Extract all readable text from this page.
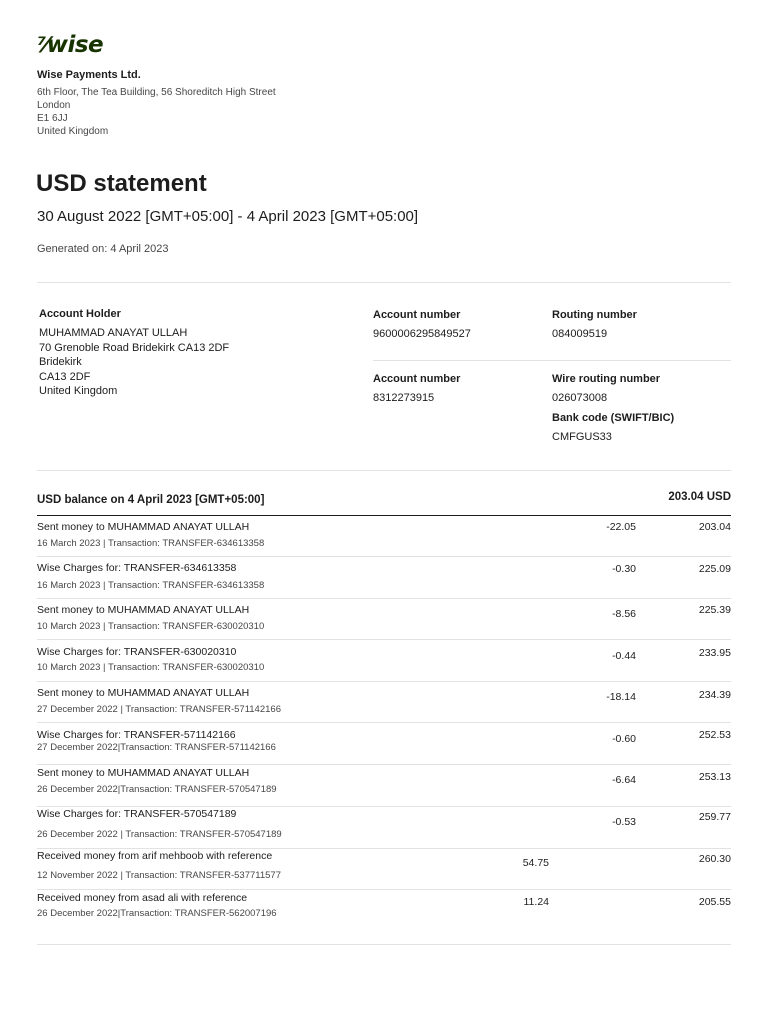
⁷⁄ wise
Wise Payments Ltd.
6th Floor, The Tea Building, 56 Shoreditch High Street
London
E1 6JJ
United Kingdom
USD statement
30 August 2022 [GMT+05:00] - 4 April 2023 [GMT+05:00]
Generated on: 4 April 2023
Account Holder
MUHAMMAD ANAYAT ULLAH
70 Grenoble Road Bridekirk CA13 2DF
Bridekirk
CA13 2DF
United Kingdom
Account number
9600006295849527
Routing number
084009519
Account number
8312273915
Wire routing number
026073008
Bank code (SWIFT/BIC)
CMFGUS33
USD balance on 4 April 2023 [GMT+05:00]	203.04 USD
Sent money to MUHAMMAD ANAYAT ULLAH
16 March 2023 | Transaction: TRANSFER-634613358
-22.05	203.04
Wise Charges for: TRANSFER-634613358
16 March 2023 | Transaction: TRANSFER-634613358
-0.30	225.09
Sent money to MUHAMMAD ANAYAT ULLAH
10 March 2023 | Transaction: TRANSFER-630020310
-8.56	225.39
Wise Charges for: TRANSFER-630020310
10 March 2023 | Transaction: TRANSFER-630020310
-0.44	233.95
Sent money to MUHAMMAD ANAYAT ULLAH
27 December 2022 | Transaction: TRANSFER-571142166
-18.14	234.39
Wise Charges for: TRANSFER-571142166
27 December 2022|Transaction: TRANSFER-571142166
-0.60	252.53
Sent money to MUHAMMAD ANAYAT ULLAH
26 December 2022|Transaction: TRANSFER-570547189
-6.64	253.13
Wise Charges for: TRANSFER-570547189
26 December 2022 | Transaction: TRANSFER-570547189
-0.53	259.77
Received money from arif mehboob with reference
12 November 2022 | Transaction: TRANSFER-537711577
54.75	260.30
Received money from asad ali with reference
26 December 2022|Transaction: TRANSFER-562007196
11.24	205.55
